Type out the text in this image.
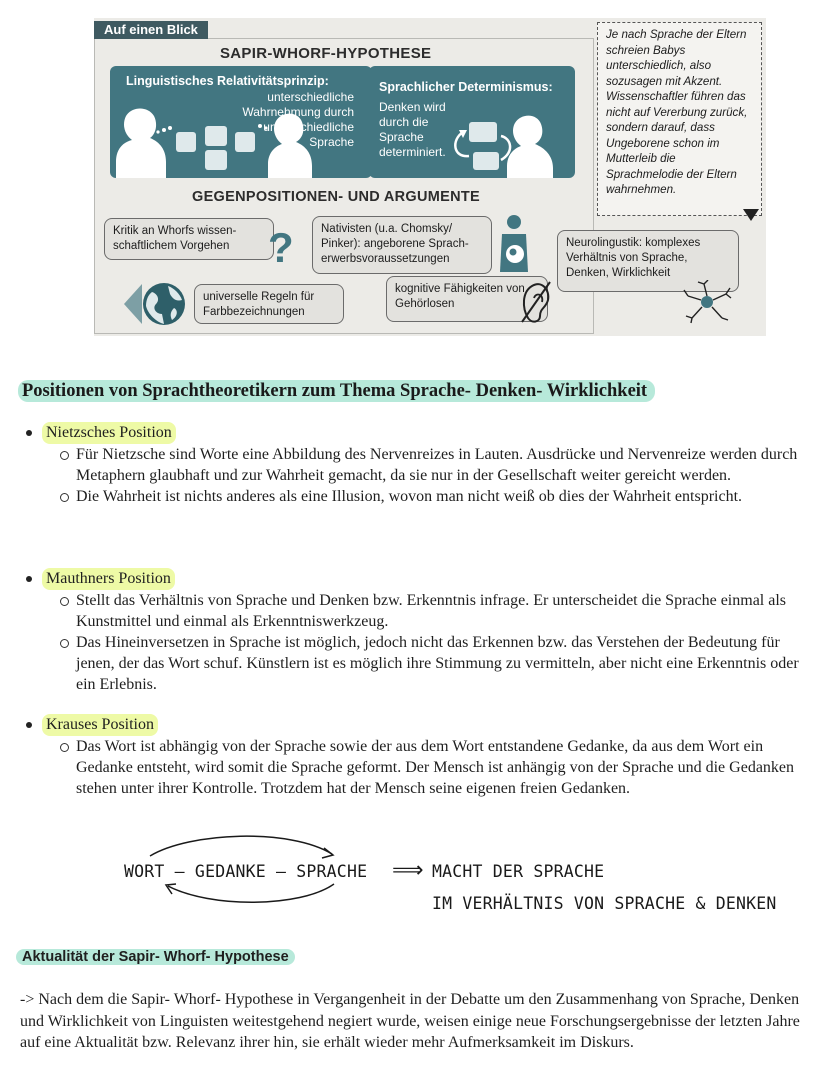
Auf einen Blick
SAPIR-WHORF-HYPOTHESE
Linguistisches Relativitätsprinzip:
unterschiedliche Wahrnehmung durch unter-schiedliche Sprache
Sprachlicher Determinismus:
Denken wird durch die Sprache determiniert.
GEGENPOSITIONEN- UND ARGUMENTE
Kritik an Whorfs wissen-schaftlichem Vorgehen ?	Nativisten (u.a. Chomsky/ Pinker): angeborene Sprach-erwerbsvoraussetzungen
Neurolingustik: komplexes Verhältnis von Sprache, Denken, Wirklichkeit
universelle Regeln für Farbbezeichnungen
kognitive Fähigkeiten von Gehörlosen
Je nach Sprache der Eltern schreien Babys unterschiedlich, also sozusagen mit Akzent. Wissenschaftler führen das nicht auf Vererbung zurück, sondern darauf, dass Ungeborene schon im Mutterleib die Sprachmelodie der Eltern wahrnehmen.
Positionen von Sprachtheoretikern zum Thema Sprache- Denken- Wirklichkeit
Nietzsches Position
Für Nietzsche sind Worte eine Abbildung des Nervenreizes in Lauten. Ausdrücke und Nervenreize werden durch Metaphern glaubhaft und zur Wahrheit gemacht, da sie nur in der Gesellschaft weiter gereicht werden.
Die Wahrheit ist nichts anderes als eine Illusion, wovon man nicht weiß ob dies der Wahrheit entspricht.
Mauthners Position
Stellt das Verhältnis von Sprache und Denken bzw. Erkenntnis infrage. Er unterscheidet die Sprache einmal als Kunstmittel und einmal als Erkenntniswerkzeug.
Das Hineinversetzen in Sprache ist möglich, jedoch nicht das Erkennen bzw. das Verstehen der Bedeutung für jenen, der das Wort schuf. Künstlern ist es möglich ihre Stimmung zu vermitteln, aber nicht eine Erkenntnis oder ein Erlebnis.
Krauses Position
Das Wort ist abhängig von der Sprache sowie der aus dem Wort entstandene Gedanke, da aus dem Wort ein Gedanke entsteht, wird somit die Sprache geformt. Der Mensch ist anhängig von der Sprache und die Gedanken stehen unter ihrer Kontrolle. Trotzdem hat der Mensch seine eigenen freien Gedanken.
WORT – GEDANKE – SPRACHE ⟹ MACHT DER SPRACHE
IM VERHÄLTNIS VON SPRACHE & DENKEN
Aktualität der Sapir- Whorf- Hypothese
-> Nach dem die Sapir- Whorf- Hypothese in Vergangenheit in der Debatte um den Zusammenhang von Sprache, Denken und Wirklichkeit von Linguisten weitestgehend negiert wurde, weisen einige neue Forschungsergebnisse der letzten Jahre auf eine Aktualität bzw. Relevanz ihrer hin, sie erhält wieder mehr Aufmerksamkeit im Diskurs.
